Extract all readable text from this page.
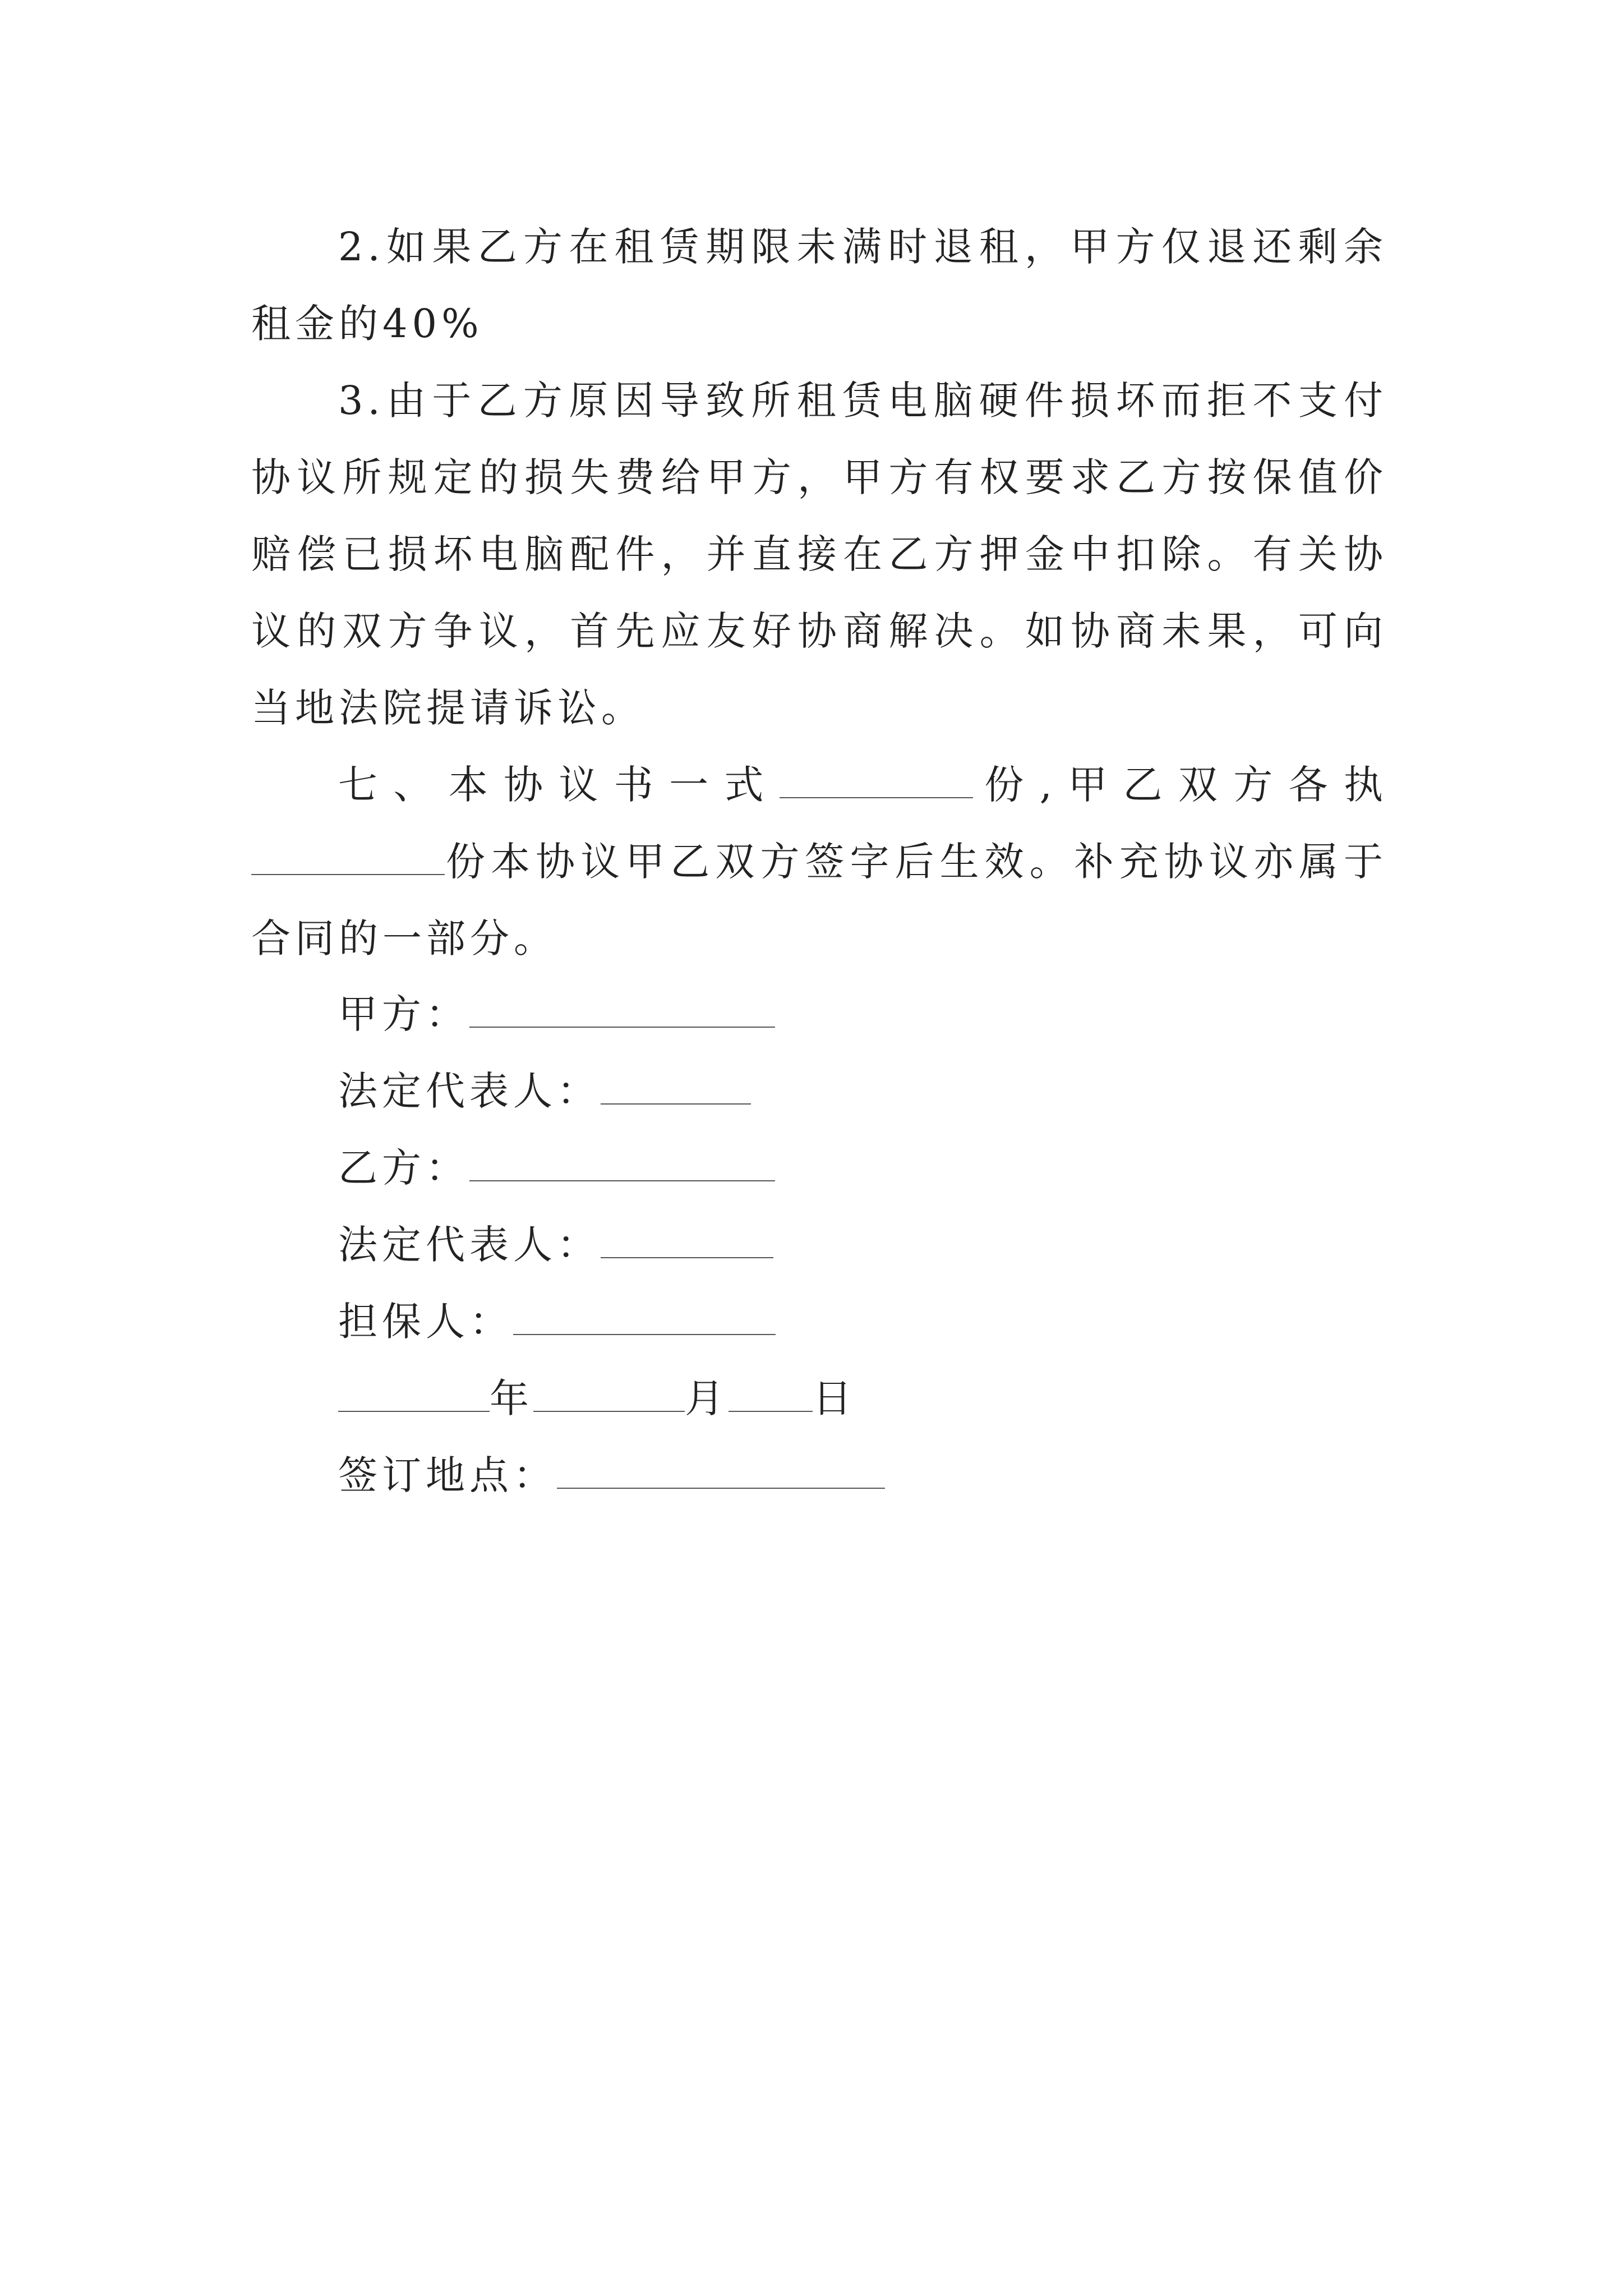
2.如果乙方在租赁期限未满时退租，甲方仅退还剩余租金的40%

3.由于乙方原因导致所租赁电脑硬件损坏而拒不支付协议所规定的损失费给甲方，甲方有权要求乙方按保值价赔偿已损坏电脑配件，并直接在乙方押金中扣除。有关协议的双方争议，首先应友好协商解决。如协商未果，可向当地法院提请诉讼。

七、本协议书一式	份,甲乙双方各执份本协议甲乙双方签字后生效。补充协议亦属于合同的一部分。

甲方：
法定代表人：
乙方：
法定代表人：
担保人：
年	月 日
签订地点：
